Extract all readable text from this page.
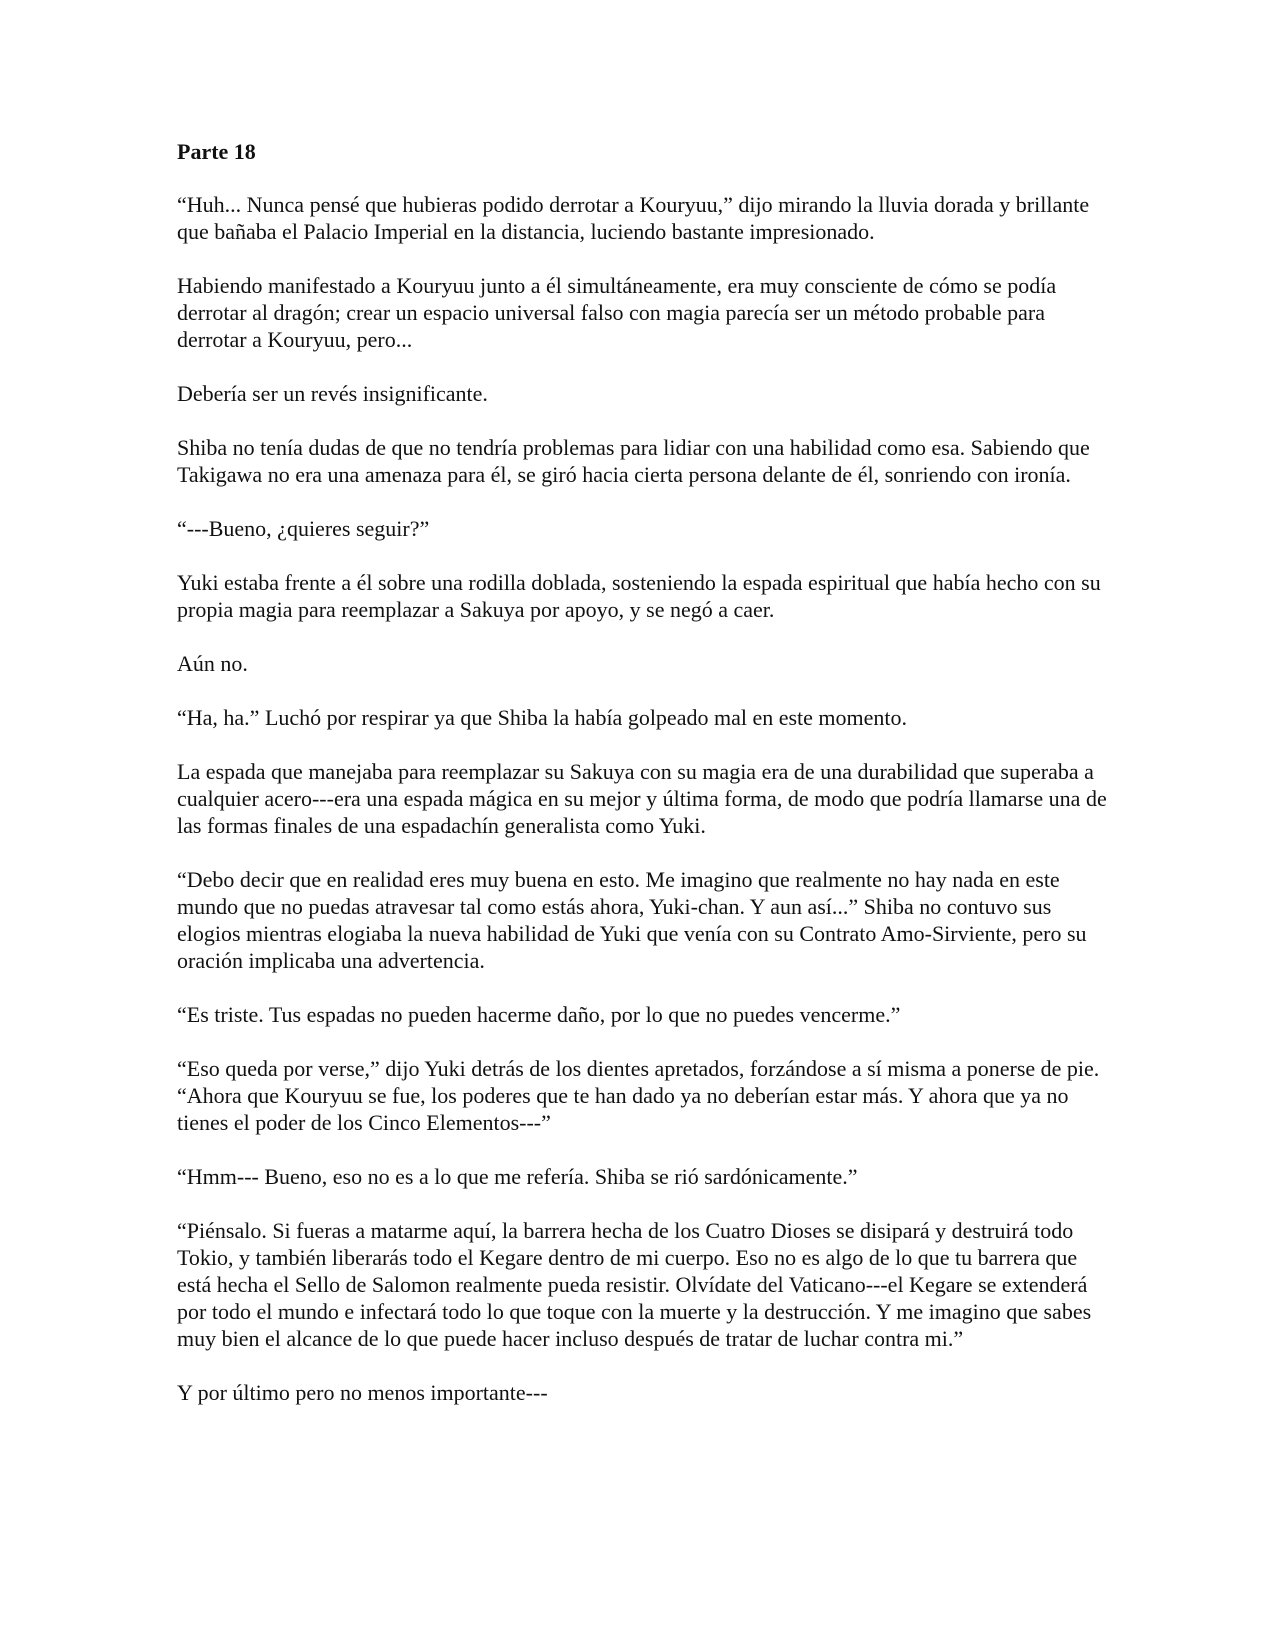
Parte 18

“Huh... Nunca pensé que hubieras podido derrotar a Kouryuu,” dijo mirando la lluvia dorada y brillante que bañaba el Palacio Imperial en la distancia, luciendo bastante impresionado.

Habiendo manifestado a Kouryuu junto a él simultáneamente, era muy consciente de cómo se podía derrotar al dragón; crear un espacio universal falso con magia parecía ser un método probable para derrotar a Kouryuu, pero...

Debería ser un revés insignificante.

Shiba no tenía dudas de que no tendría problemas para lidiar con una habilidad como esa. Sabiendo que Takigawa no era una amenaza para él, se giró hacia cierta persona delante de él, sonriendo con ironía.

“---Bueno, ¿quieres seguir?”

Yuki estaba frente a él sobre una rodilla doblada, sosteniendo la espada espiritual que había hecho con su propia magia para reemplazar a Sakuya por apoyo, y se negó a caer.

Aún no.

“Ha, ha.” Luchó por respirar ya que Shiba la había golpeado mal en este momento.

La espada que manejaba para reemplazar su Sakuya con su magia era de una durabilidad que superaba a cualquier acero---era una espada mágica en su mejor y última forma, de modo que podría llamarse una de las formas finales de una espadachín generalista como Yuki.

“Debo decir que en realidad eres muy buena en esto. Me imagino que realmente no hay nada en este mundo que no puedas atravesar tal como estás ahora, Yuki-chan. Y aun así...” Shiba no contuvo sus elogios mientras elogiaba la nueva habilidad de Yuki que venía con su Contrato Amo-Sirviente, pero su oración implicaba una advertencia.

“Es triste. Tus espadas no pueden hacerme daño, por lo que no puedes vencerme.”

“Eso queda por verse,” dijo Yuki detrás de los dientes apretados, forzándose a sí misma a ponerse de pie. “Ahora que Kouryuu se fue, los poderes que te han dado ya no deberían estar más. Y ahora que ya no tienes el poder de los Cinco Elementos---”

“Hmm--- Bueno, eso no es a lo que me refería. Shiba se rió sardónicamente.”

“Piénsalo. Si fueras a matarme aquí, la barrera hecha de los Cuatro Dioses se disipará y destruirá todo Tokio, y también liberarás todo el Kegare dentro de mi cuerpo. Eso no es algo de lo que tu barrera que está hecha el Sello de Salomon realmente pueda resistir. Olvídate del Vaticano---el Kegare se extenderá por todo el mundo e infectará todo lo que toque con la muerte y la destrucción. Y me imagino que sabes muy bien el alcance de lo que puede hacer incluso después de tratar de luchar contra mi.”

Y por último pero no menos importante---
